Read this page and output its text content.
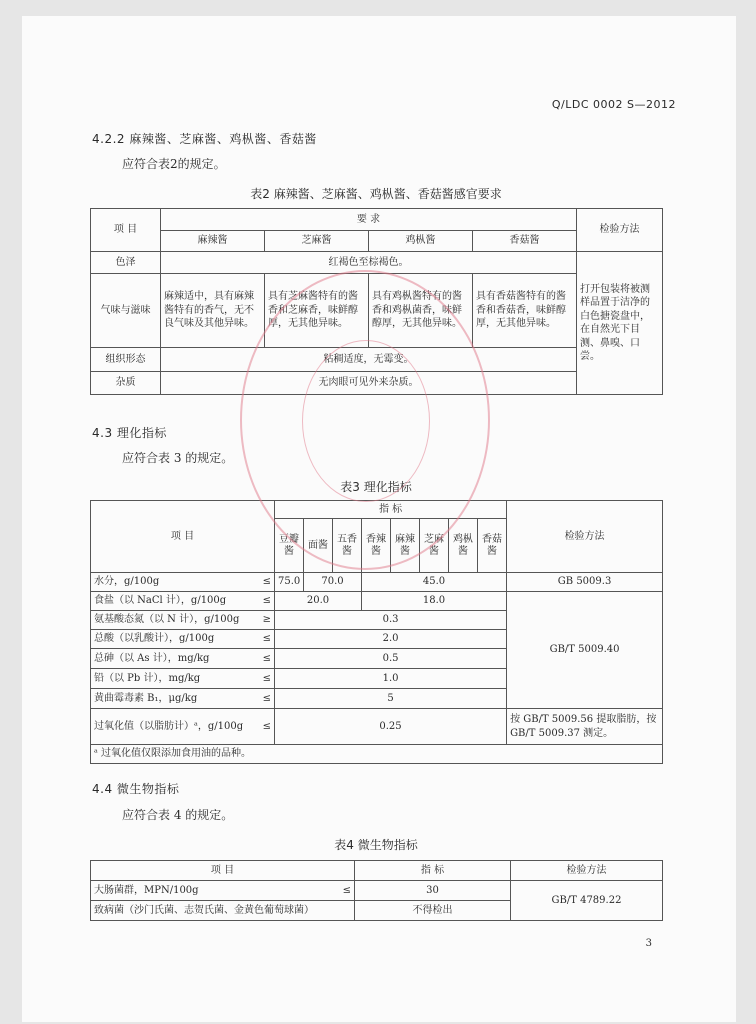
Q/LDC 0002 S—2012
4.2.2 麻辣酱、芝麻酱、鸡枞酱、香菇酱
应符合表2的规定。
表2 麻辣酱、芝麻酱、鸡枞酱、香菇酱感官要求
项 目	要 求				检验方法
	麻辣酱	芝麻酱	鸡枞酱	香菇酱	
色泽	红褐色至棕褐色。				打开包装将被测样品置于洁净的白色搪瓷盘中，在自然光下目测、鼻嗅、口尝。
气味与滋味	麻辣适中，具有麻辣酱特有的香气，无不良气味及其他异味。	具有芝麻酱特有的酱香和芝麻香，味鲜醇厚，无其他异味。	具有鸡枞酱特有的酱香和鸡枞菌香，味鲜醇厚，无其他异味。	具有香菇酱特有的酱香和香菇香，味鲜醇厚，无其他异味。	
组织形态	粘稠适度，无霉变。				
杂质	无肉眼可见外来杂质。				
4.3 理化指标
应符合表 3 的规定。
表3 理化指标
项 目	指 标								检验方法
	豆瓣酱	面酱	五香酱	香辣酱	麻辣酱	芝麻酱	鸡枞酱	香菇酱	
水分，g/100g ≤	75.0	70.0		45.0					GB 5009.3
食盐（以 NaCl 计），g/100g ≤	20.0			18.0					GB/T 5009.40
氨基酸态氮（以 N 计），g/100g ≥	0.3								
总酸（以乳酸计），g/100g ≤	2.0								
总砷（以 As 计），mg/kg ≤	0.5								
铅（以 Pb 计），mg/kg ≤	1.0								
黄曲霉毒素 B₁，μg/kg ≤	5								
过氧化值（以脂肪计）ᵃ，g/100g ≤	0.25								按 GB/T 5009.56 提取脂肪，按 GB/T 5009.37 测定。
ᵃ 过氧化值仅限添加食用油的品种。									
4.4 微生物指标
应符合表 4 的规定。
表4 微生物指标
项 目	指 标	检验方法
大肠菌群，MPN/100g ≤	30	GB/T 4789.22
致病菌（沙门氏菌、志贺氏菌、金黄色葡萄球菌）	不得检出	
3
